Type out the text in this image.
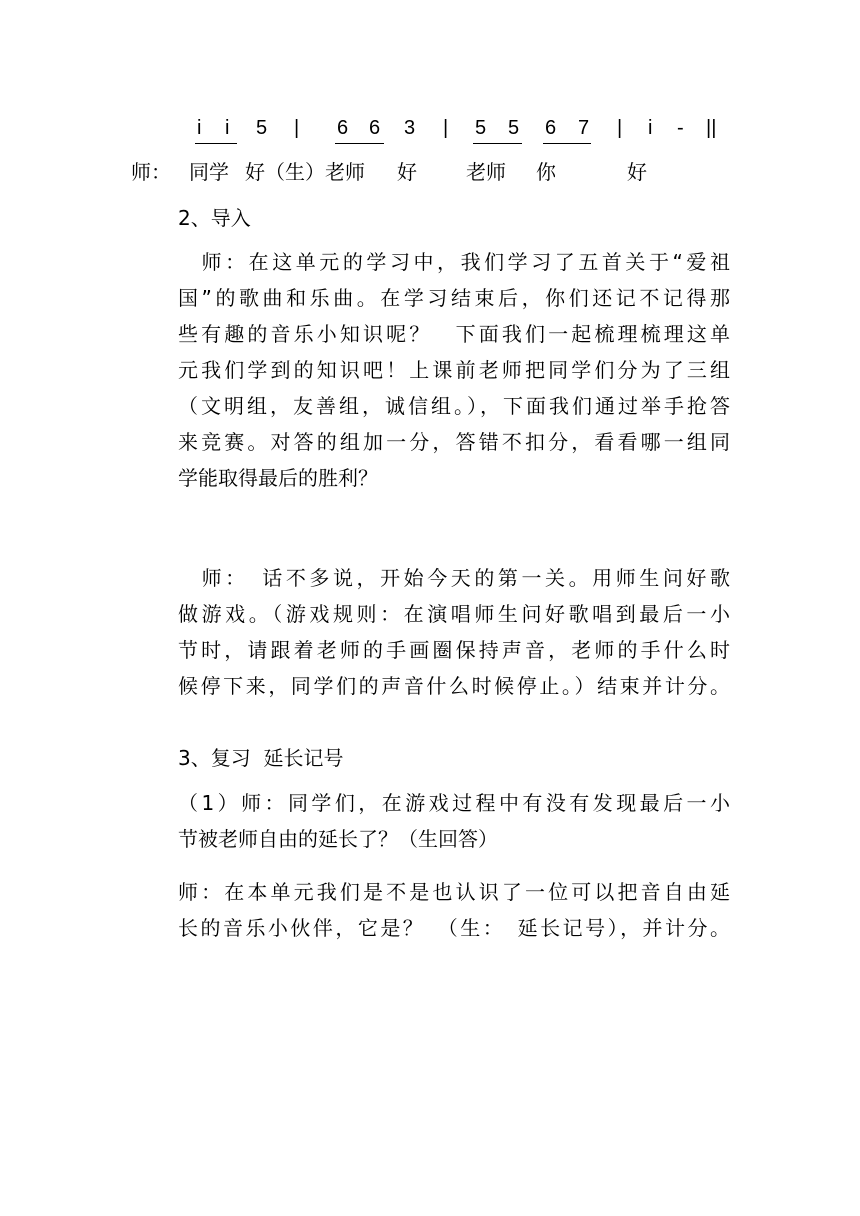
i i 5 | 6 6 3 | 5 5 6 7 | i - ||
师： 同学 好（生）老师 好 老师 你	好
2、导入
　师：在这单元的学习中，我们学习了五首关于“爱祖
国”的歌曲和乐曲。在学习结束后，你们还记不记得那
些有趣的音乐小知识呢？　下面我们一起梳理梳理这单
元我们学到的知识吧！上课前老师把同学们分为了三组
（文明组，友善组，诚信组。），下面我们通过举手抢答
来竞赛。对答的组加一分，答错不扣分，看看哪一组同
学能取得最后的胜利？
　师：　话不多说，开始今天的第一关。用师生问好歌
做游戏。（游戏规则：在演唱师生问好歌唱到最后一小
节时，请跟着老师的手画圈保持声音，老师的手什么时
候停下来，同学们的声音什么时候停止。）结束并计分。
3、复习  延长记号
（1）师：同学们，在游戏过程中有没有发现最后一小
节被老师自由的延长了？（生回答）
师：在本单元我们是不是也认识了一位可以把音自由延
长的音乐小伙伴，它是？　（生：　延长记号），并计分。
